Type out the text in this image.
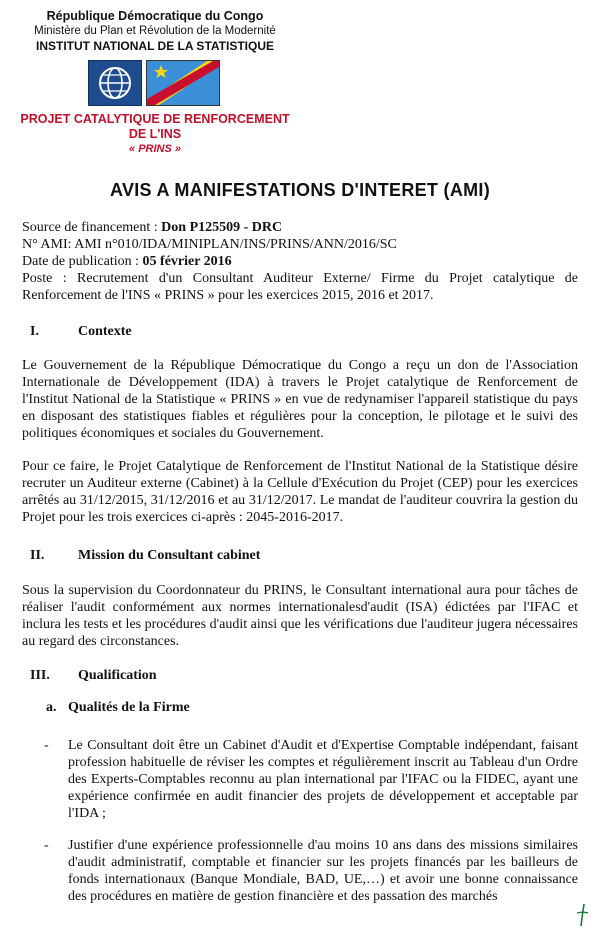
République Démocratique du Congo
Ministère du Plan et Révolution de la Modernité
INSTITUT NATIONAL DE LA STATISTIQUE
PROJET CATALYTIQUE DE RENFORCEMENT DE L'INS
« PRINS »
AVIS A MANIFESTATIONS D'INTERET (AMI)

Source de financement : Don P125509 - DRC

N° AMI: AMI n°010/IDA/MINIPLAN/INS/PRINS/ANN/2016/SC

Date de publication : 05 février 2016

Poste : Recrutement d'un Consultant Auditeur Externe/ Firme du Projet catalytique de Renforcement de l'INS « PRINS » pour les exercices 2015, 2016 et 2017.

I.	Contexte
Le Gouvernement de la République Démocratique du Congo a reçu un don de l'Association Internationale de Développement (IDA) à travers le Projet catalytique de Renforcement de l'Institut National de la Statistique « PRINS » en vue de redynamiser l'appareil statistique du pays en disposant des statistiques fiables et régulières pour la conception, le pilotage et le suivi des politiques économiques et sociales du Gouvernement.
Pour ce faire, le Projet Catalytique de Renforcement de l'Institut National de la Statistique désire recruter un Auditeur externe (Cabinet) à la Cellule d'Exécution du Projet (CEP) pour les exercices arrêtés au 31/12/2015, 31/12/2016 et au 31/12/2017. Le mandat de l'auditeur couvrira la gestion du Projet pour les trois exercices ci-après : 2045-2016-2017.
II. Mission du Consultant cabinet
Sous la supervision du Coordonnateur du PRINS, le Consultant international aura pour tâches de réaliser l'audit conformément aux normes internationalesd'audit (ISA) édictées par l'IFAC et inclura les tests et les procédures d'audit ainsi que les vérifications due l'auditeur jugera nécessaires au regard des circonstances.
III. Qualification
a. Qualités de la Firme
- Le Consultant doit être un Cabinet d'Audit et d'Expertise Comptable indépendant, faisant profession habituelle de réviser les comptes et régulièrement inscrit au Tableau d'un Ordre des Experts-Comptables reconnu au plan international par l'IFAC ou la FIDEC, ayant une expérience confirmée en audit financier des projets de développement et acceptable par l'IDA ;
- Justifier d'une expérience professionnelle d'au moins 10 ans dans des missions similaires d'audit administratif, comptable et financier sur les projets financés par les bailleurs de fonds internationaux (Banque Mondiale, BAD, UE,…) et avoir une bonne connaissance des procédures en matière de gestion financière et des passation des marchés
